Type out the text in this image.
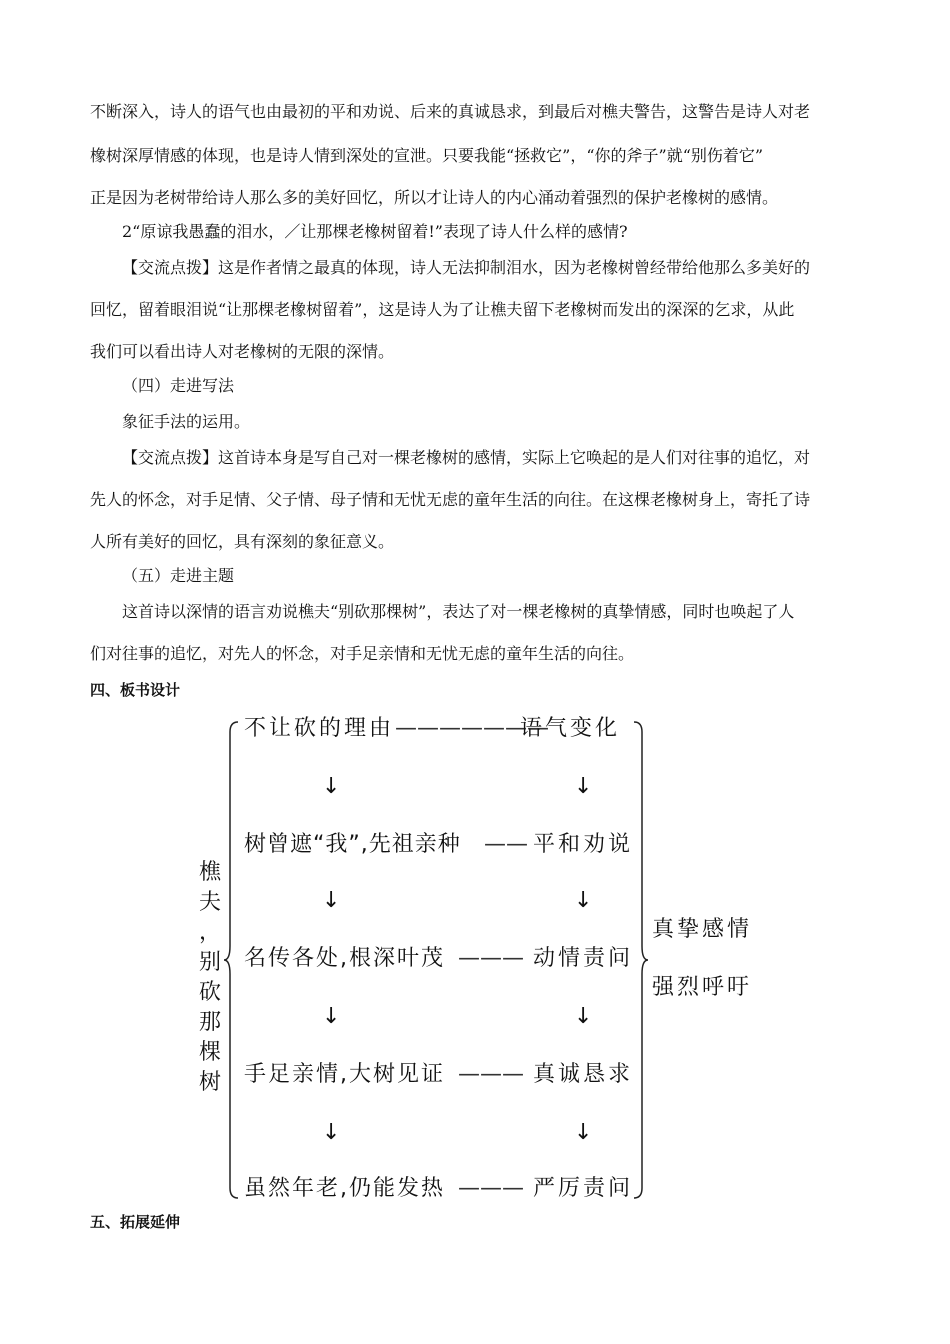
不断深入，诗人的语气也由最初的平和劝说、后来的真诚恳求，到最后对樵夫警告，这警告是诗人对老
橡树深厚情感的体现，也是诗人情到深处的宣泄。只要我能“拯救它”，“你的斧子”就“别伤着它”
正是因为老树带给诗人那么多的美好回忆，所以才让诗人的内心涌动着强烈的保护老橡树的感情。
2“原谅我愚蠢的泪水，／让那棵老橡树留着!”表现了诗人什么样的感情?
【交流点拨】这是作者情之最真的体现，诗人无法抑制泪水，因为老橡树曾经带给他那么多美好的
回忆，留着眼泪说“让那棵老橡树留着”，这是诗人为了让樵夫留下老橡树而发出的深深的乞求，从此
我们可以看出诗人对老橡树的无限的深情。
（四）走进写法
象征手法的运用。
【交流点拨】这首诗本身是写自己对一棵老橡树的感情，实际上它唤起的是人们对往事的追忆，对
先人的怀念，对手足情、父子情、母子情和无忧无虑的童年生活的向往。在这棵老橡树身上，寄托了诗
人所有美好的回忆，具有深刻的象征意义。
（五）走进主题
这首诗以深情的语言劝说樵夫“别砍那棵树”，表达了对一棵老橡树的真挚情感，同时也唤起了人
们对往事的追忆，对先人的怀念，对手足亲情和无忧无虑的童年生活的向往。
四、板书设计
樵
夫
，
别
砍
那
棵
树
不让砍的理由 ———————
语气变化
↓	↓
树曾遮“我”,先祖亲种 —— 平和劝说
↓	↓
名传各处,根深叶茂 ——— 动情责问
↓	↓
手足亲情,大树见证 ——— 真诚恳求
↓	↓
虽然年老,仍能发热 ——— 严厉责问
真挚感情
强烈呼吁
五、拓展延伸
